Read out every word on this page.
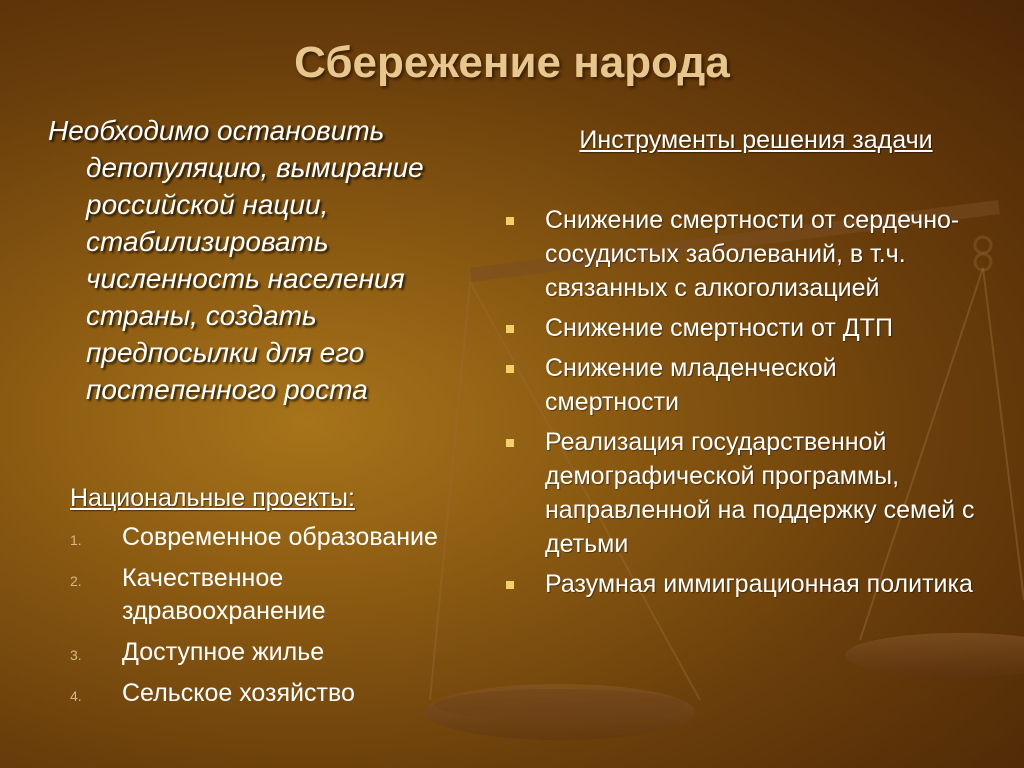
Сбережение народа
Необходимо остановить
депопуляцию, вымирание
российской нации,
стабилизировать
численность населения
страны, создать
предпосылки для его
постепенного роста
Национальные проекты:
1. Современное образование
2. Качественное здравоохранение
3. Доступное жилье
4. Сельское хозяйство
Инструменты решения задачи
Снижение смертности от сердечно-сосудистых заболеваний, в т.ч. связанных с алкоголизацией
Снижение смертности от ДТП
Снижение младенческой смертности
Реализация государственной демографической программы, направленной на поддержку семей с детьми
Разумная иммиграционная политика
